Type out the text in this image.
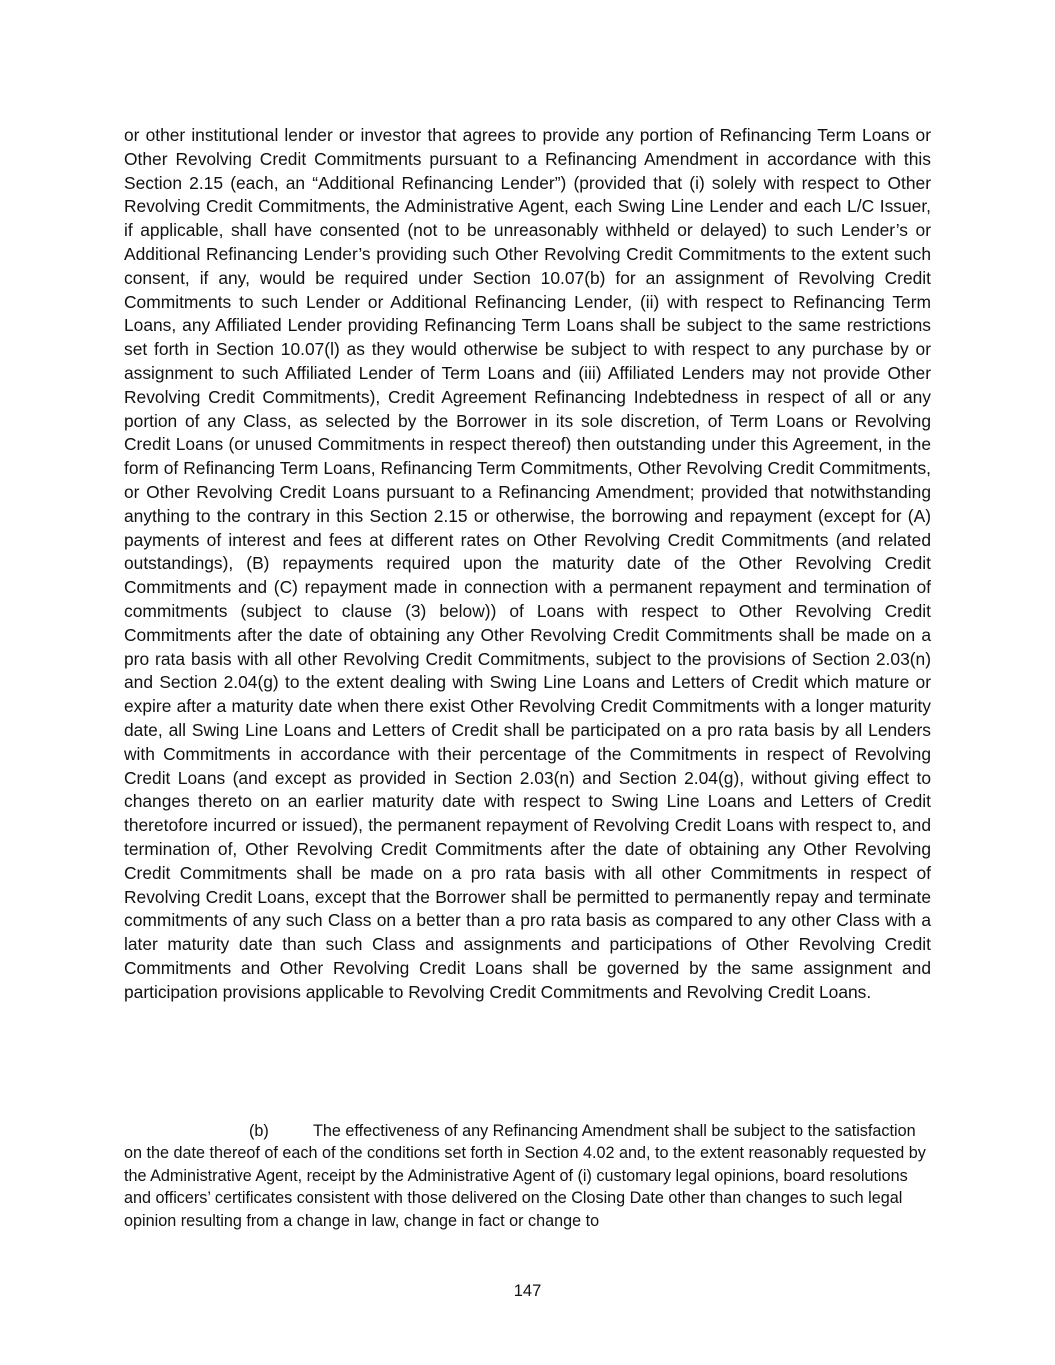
or other institutional lender or investor that agrees to provide any portion of Refinancing Term Loans or Other Revolving Credit Commitments pursuant to a Refinancing Amendment in accordance with this Section 2.15 (each, an “Additional Refinancing Lender”) (provided that (i) solely with respect to Other Revolving Credit Commitments, the Administrative Agent, each Swing Line Lender and each L/C Issuer, if applicable, shall have consented (not to be unreasonably withheld or delayed) to such Lender’s or Additional Refinancing Lender’s providing such Other Revolving Credit Commitments to the extent such consent, if any, would be required under Section 10.07(b) for an assignment of Revolving Credit Commitments to such Lender or Additional Refinancing Lender, (ii) with respect to Refinancing Term Loans, any Affiliated Lender providing Refinancing Term Loans shall be subject to the same restrictions set forth in Section 10.07(l) as they would otherwise be subject to with respect to any purchase by or assignment to such Affiliated Lender of Term Loans and (iii) Affiliated Lenders may not provide Other Revolving Credit Commitments), Credit Agreement Refinancing Indebtedness in respect of all or any portion of any Class, as selected by the Borrower in its sole discretion, of Term Loans or Revolving Credit Loans (or unused Commitments in respect thereof) then outstanding under this Agreement, in the form of Refinancing Term Loans, Refinancing Term Commitments, Other Revolving Credit Commitments, or Other Revolving Credit Loans pursuant to a Refinancing Amendment; provided that notwithstanding anything to the contrary in this Section 2.15 or otherwise, the borrowing and repayment (except for (A) payments of interest and fees at different rates on Other Revolving Credit Commitments (and related outstandings), (B) repayments required upon the maturity date of the Other Revolving Credit Commitments and (C) repayment made in connection with a permanent repayment and termination of commitments (subject to clause (3) below)) of Loans with respect to Other Revolving Credit Commitments after the date of obtaining any Other Revolving Credit Commitments shall be made on a pro rata basis with all other Revolving Credit Commitments, subject to the provisions of Section 2.03(n) and Section 2.04(g) to the extent dealing with Swing Line Loans and Letters of Credit which mature or expire after a maturity date when there exist Other Revolving Credit Commitments with a longer maturity date, all Swing Line Loans and Letters of Credit shall be participated on a pro rata basis by all Lenders with Commitments in accordance with their percentage of the Commitments in respect of Revolving Credit Loans (and except as provided in Section 2.03(n) and Section 2.04(g), without giving effect to changes thereto on an earlier maturity date with respect to Swing Line Loans and Letters of Credit theretofore incurred or issued), the permanent repayment of Revolving Credit Loans with respect to, and termination of, Other Revolving Credit Commitments after the date of obtaining any Other Revolving Credit Commitments shall be made on a pro rata basis with all other Commitments in respect of Revolving Credit Loans, except that the Borrower shall be permitted to permanently repay and terminate commitments of any such Class on a better than a pro rata basis as compared to any other Class with a later maturity date than such Class and assignments and participations of Other Revolving Credit Commitments and Other Revolving Credit Loans shall be governed by the same assignment and participation provisions applicable to Revolving Credit Commitments and Revolving Credit Loans.

(b)	The effectiveness of any Refinancing Amendment shall be subject to the satisfaction on the date thereof of each of the conditions set forth in Section 4.02 and, to the extent reasonably requested by the Administrative Agent, receipt by the Administrative Agent of (i) customary legal opinions, board resolutions and officers’ certificates consistent with those delivered on the Closing Date other than changes to such legal opinion resulting from a change in law, change in fact or change to

147
